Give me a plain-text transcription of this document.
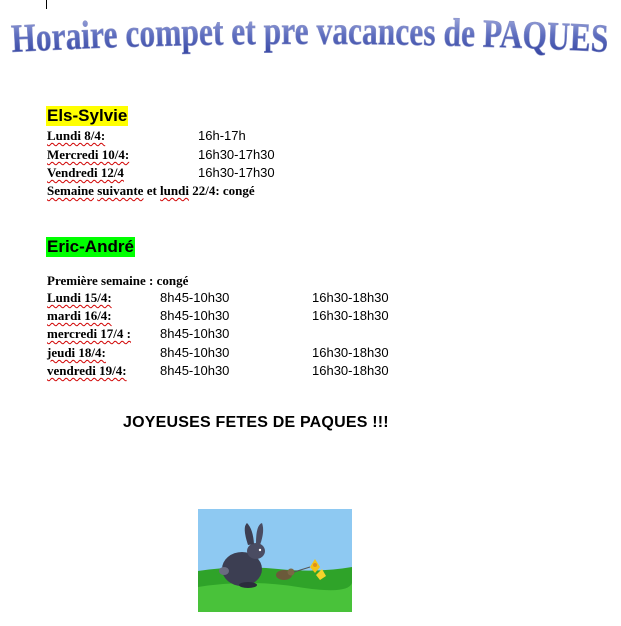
Horaire compet et pre vacances de PAQUES
Els-Sylvie
Lundi 8/4:	16h-17h
Mercredi 10/4:	16h30-17h30
Vendredi 12/4	16h30-17h30
Semaine suivante et lundi 22/4: congé
Eric-André
Première semaine : congé
Lundi 15/4:	8h45-10h30	16h30-18h30
mardi 16/4:	8h45-10h30	16h30-18h30
mercredi 17/4 : 8h45-10h30
jeudi 18/4:	8h45-10h30	16h30-18h30
vendredi 19/4:	8h45-10h30	16h30-18h30
JOYEUSES FETES DE PAQUES !!!
